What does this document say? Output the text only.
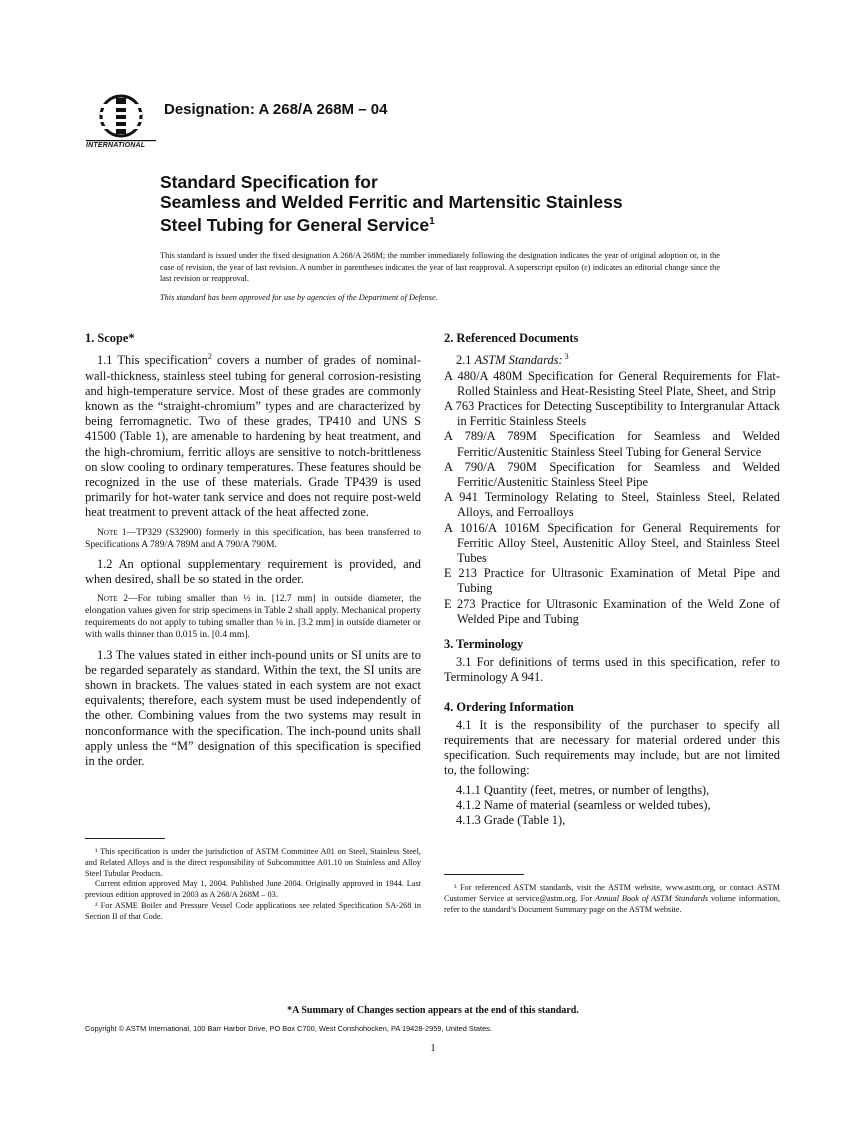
INTERNATIONAL
Designation: A 268/A 268M – 04
Standard Specification for
Seamless and Welded Ferritic and Martensitic Stainless
Steel Tubing for General Service$^1$
This standard is issued under the fixed designation A 268/A 268M; the number immediately following the designation indicates the year of original adoption or, in the case of revision, the year of last revision. A number in parentheses indicates the year of last reapproval. A superscript epsilon (ε) indicates an editorial change since the last revision or reapproval.
This standard has been approved for use by agencies of the Department of Defense.
1. Scope*

1.1 This specification$^2$ covers a number of grades of nominal-wall-thickness, stainless steel tubing for general corrosion-resisting and high-temperature service. Most of these grades are commonly known as the “straight-chromium” types and are characterized by being ferromagnetic. Two of these grades, TP410 and UNS S 41500 (Table 1), are amenable to hardening by heat treatment, and the high-chromium, ferritic alloys are sensitive to notch-brittleness on slow cooling to ordinary temperatures. These features should be recognized in the use of these materials. Grade TP439 is used primarily for hot-water tank service and does not require post-weld heat treatment to prevent attack of the heat affected zone.

Note 1—TP329 (S32900) formerly in this specification, has been transferred to Specifications A 789/A 789M and A 790/A 790M.

1.2 An optional supplementary requirement is provided, and when desired, shall be so stated in the order.

Note 2—For tubing smaller than ½ in. [12.7 mm] in outside diameter, the elongation values given for strip specimens in Table 2 shall apply. Mechanical property requirements do not apply to tubing smaller than ⅛ in. [3.2 mm] in outside diameter or with walls thinner than 0.015 in. [0.4 mm].

1.3 The values stated in either inch-pound units or SI units are to be regarded separately as standard. Within the text, the SI units are shown in brackets. The values stated in each system are not exact equivalents; therefore, each system must be used independently of the other. Combining values from the two systems may result in nonconformance with the specification. The inch-pound units shall apply unless the “M” designation of this specification is specified in the order.

2. Referenced Documents

2.1 ASTM Standards: $^3$

A 480/A 480M Specification for General Requirements for Flat-Rolled Stainless and Heat-Resisting Steel Plate, Sheet, and Strip

A 763 Practices for Detecting Susceptibility to Intergranular Attack in Ferritic Stainless Steels

A 789/A 789M Specification for Seamless and Welded Ferritic/Austenitic Stainless Steel Tubing for General Service

A 790/A 790M Specification for Seamless and Welded Ferritic/Austenitic Stainless Steel Pipe

A 941 Terminology Relating to Steel, Stainless Steel, Related Alloys, and Ferroalloys

A 1016/A 1016M Specification for General Requirements for Ferritic Alloy Steel, Austenitic Alloy Steel, and Stainless Steel Tubes

E 213 Practice for Ultrasonic Examination of Metal Pipe and Tubing

E 273 Practice for Ultrasonic Examination of the Weld Zone of Welded Pipe and Tubing

3. Terminology

3.1 For definitions of terms used in this specification, refer to Terminology A 941.

4. Ordering Information

4.1 It is the responsibility of the purchaser to specify all requirements that are necessary for material ordered under this specification. Such requirements may include, but are not limited to, the following:

4.1.1 Quantity (feet, metres, or number of lengths),

4.1.2 Name of material (seamless or welded tubes),

4.1.3 Grade (Table 1),

¹ This specification is under the jurisdiction of ASTM Committee A01 on Steel, Stainless Steel, and Related Alloys and is the direct responsibility of Subcommittee A01.10 on Stainless and Alloy Steel Tubular Products.

Current edition approved May 1, 2004. Published June 2004. Originally approved in 1944. Last previous edition approved in 2003 as A 268/A 268M – 03.

² For ASME Boiler and Pressure Vessel Code applications see related Specification SA-268 in Section II of that Code.

³ For referenced ASTM standards, visit the ASTM website, www.astm.org, or contact ASTM Customer Service at service@astm.org. For Annual Book of ASTM Standards volume information, refer to the standard’s Document Summary page on the ASTM website.

*A Summary of Changes section appears at the end of this standard.
Copyright © ASTM International, 100 Barr Harbor Drive, PO Box C700, West Conshohocken, PA 19428-2959, United States.
1
